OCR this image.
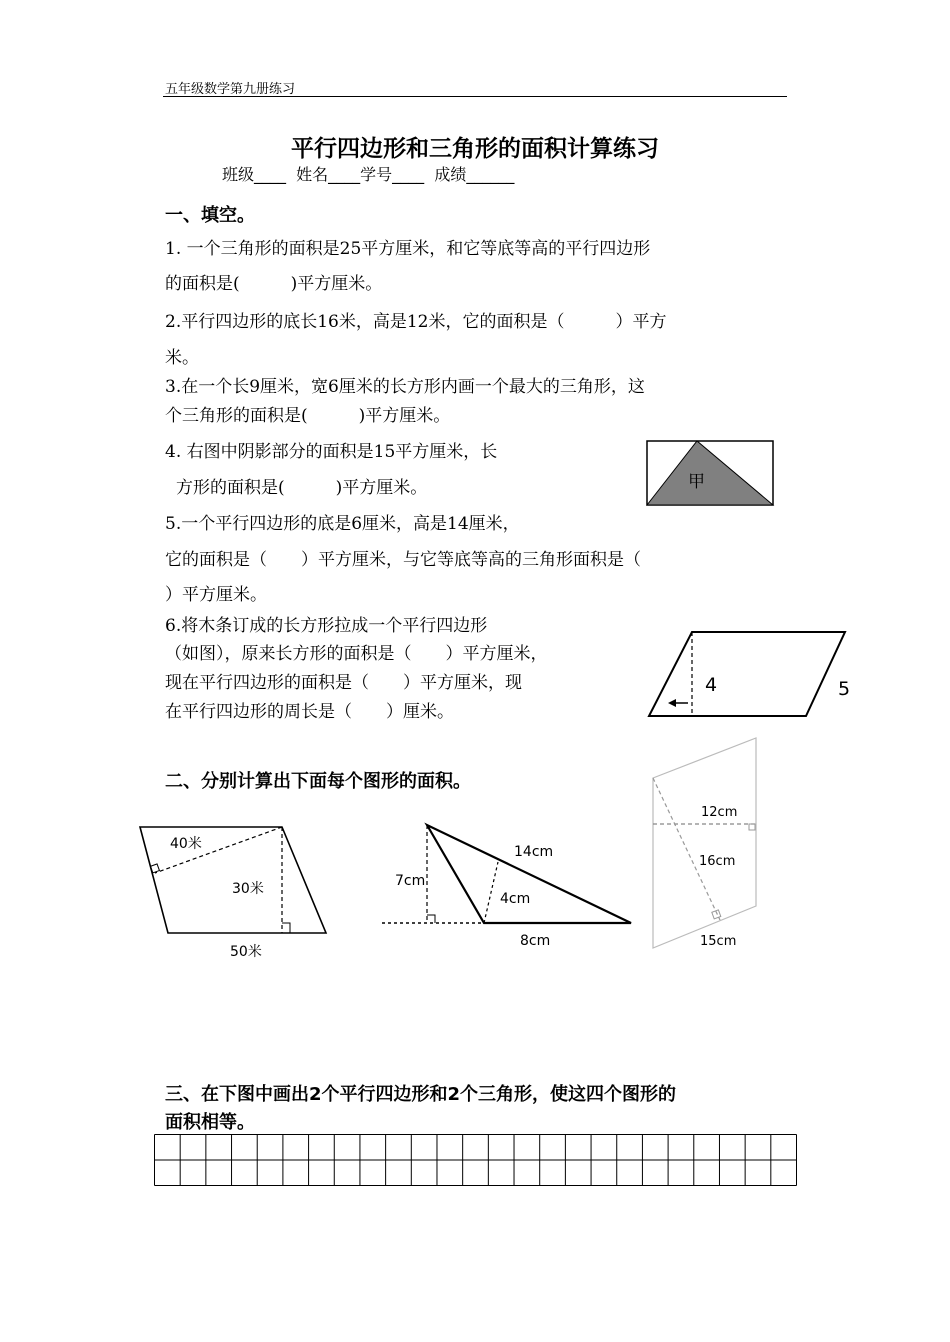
五年级数学第九册练习
平行四边形和三角形的面积计算练习
班级____  姓名____学号____  成绩______
一、填空。
1. 一个三角形的面积是25平方厘米，和它等底等高的平行四边形
的面积是(　　　)平方厘米。
2.平行四边形的底长16米，高是12米，它的面积是（　　　）平方
米。
3.在一个长9厘米，宽6厘米的长方形内画一个最大的三角形，这
个三角形的面积是(　　　)平方厘米。
4. 右图中阴影部分的面积是15平方厘米，长
方形的面积是(　　　)平方厘米。
5.一个平行四边形的底是6厘米，高是14厘米，
它的面积是（　　）平方厘米，与它等底等高的三角形面积是（
）平方厘米。
6.将木条订成的长方形拉成一个平行四边形
（如图），原来长方形的面积是（　　）平方厘米，
现在平行四边形的面积是（　　）平方厘米，现
在平行四边形的周长是（　　）厘米。
甲
4	5
二、分别计算出下面每个图形的面积。
40米
30米
50米
7cm
14cm
4cm
8cm
12cm
16cm
15cm
三、在下图中画出2个平行四边形和2个三角形，使这四个图形的
面积相等。
